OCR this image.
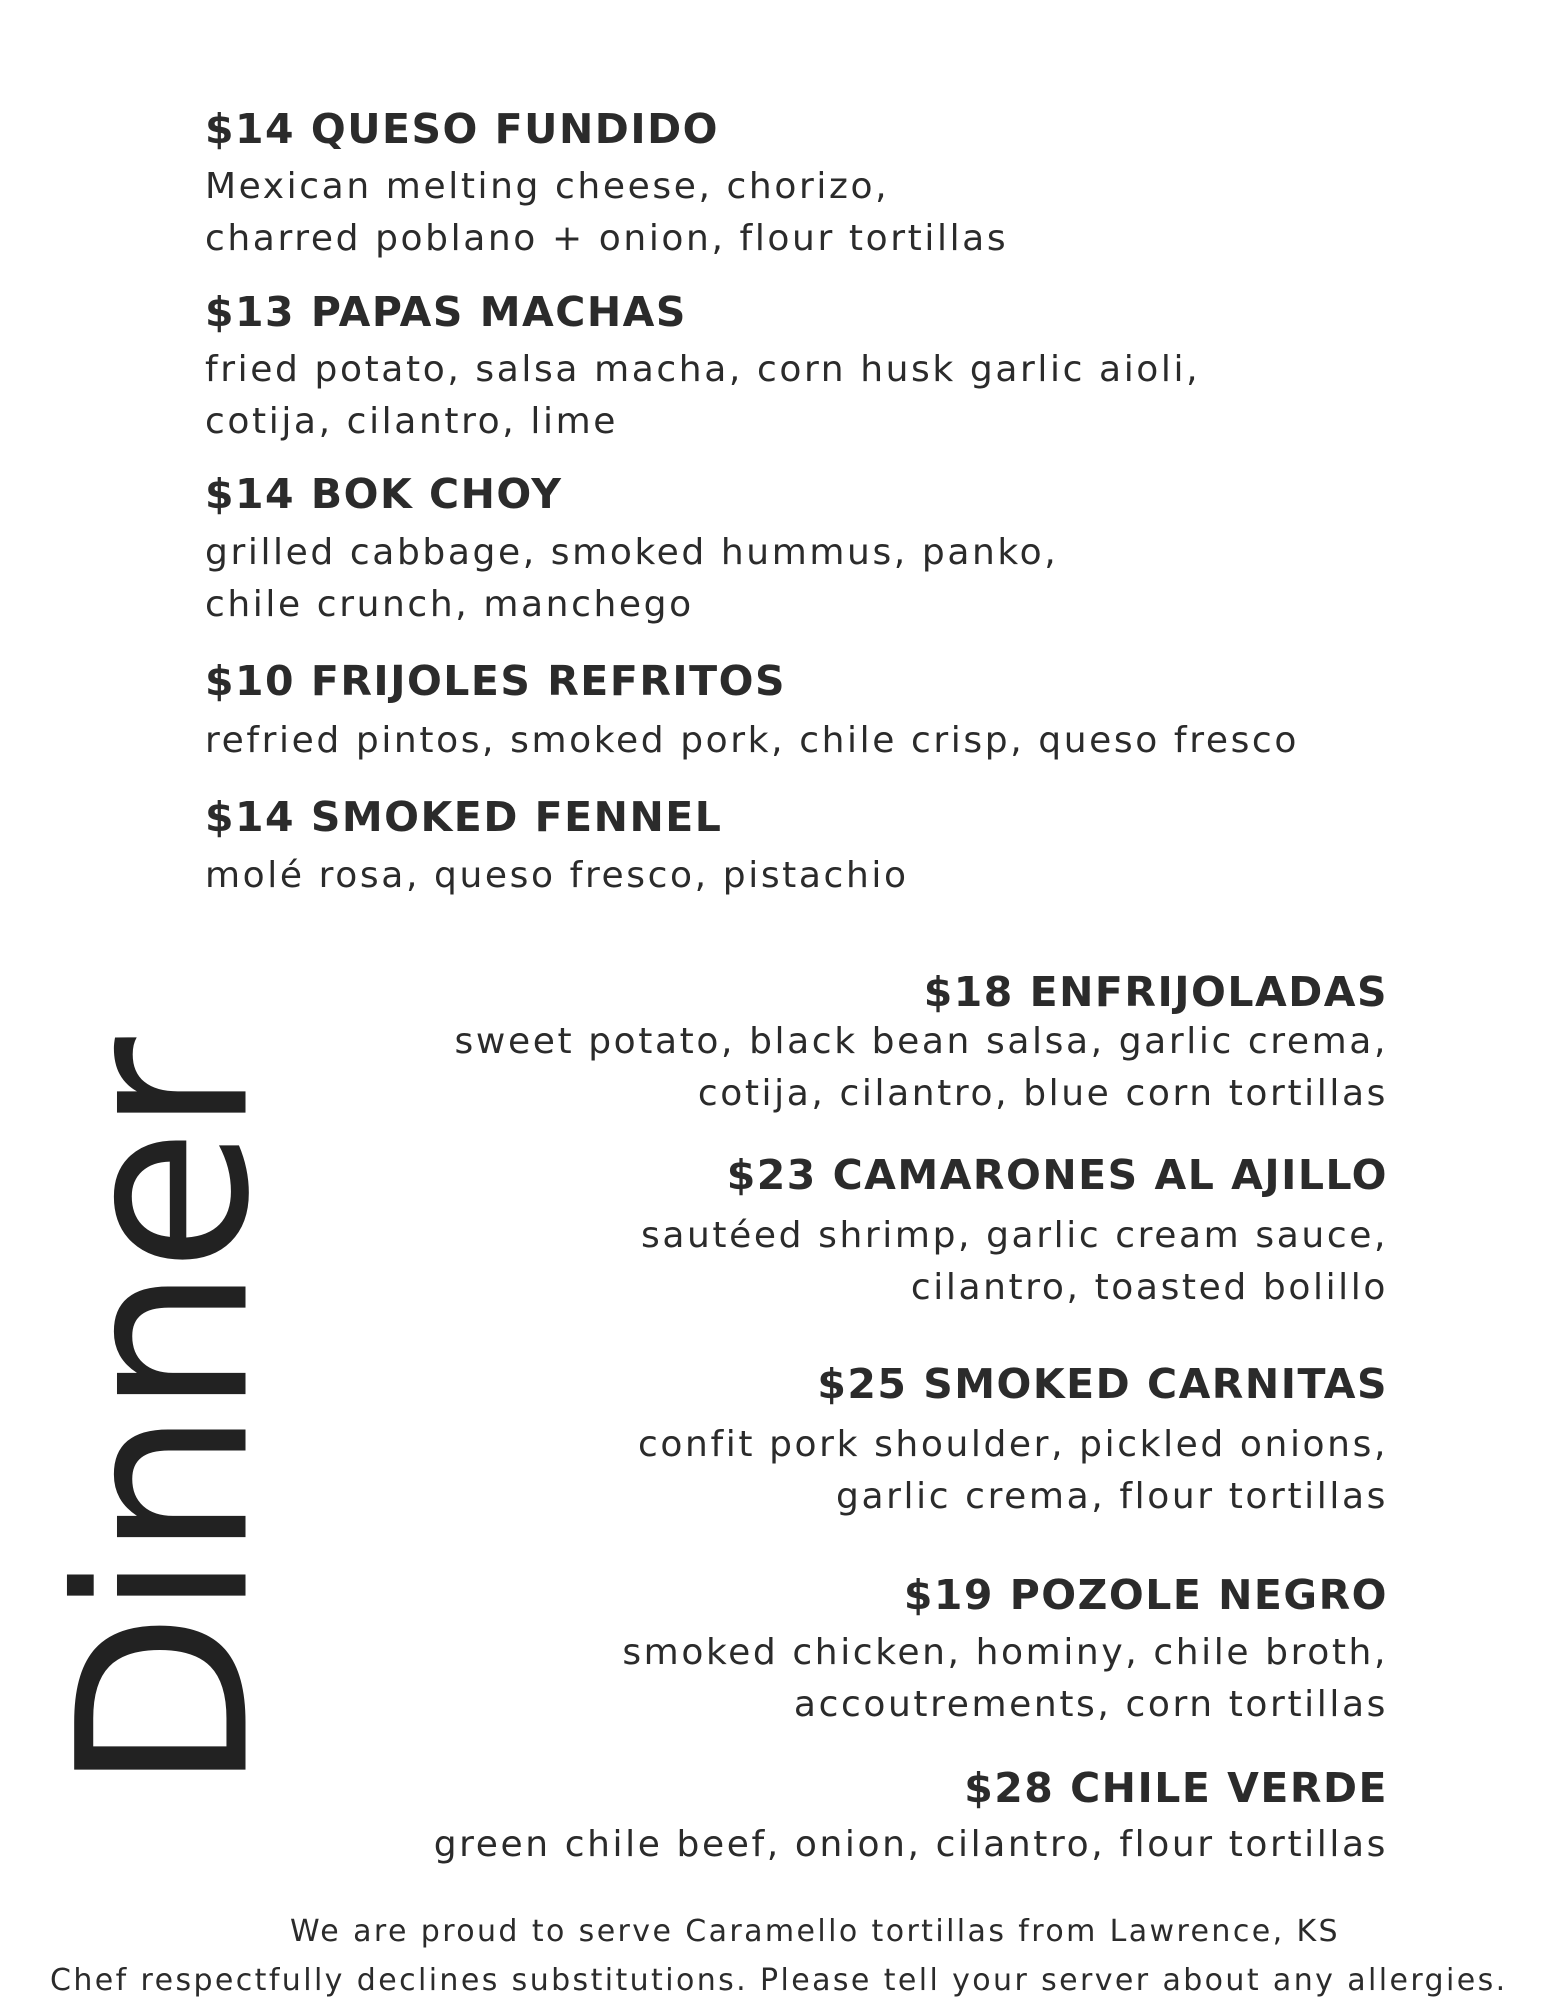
$14 QUESO FUNDIDO

Mexican melting cheese, chorizo,
charred poblano + onion, flour tortillas

$13 PAPAS MACHAS

fried potato, salsa macha, corn husk garlic aioli,
cotija, cilantro, lime

$14 BOK CHOY

grilled cabbage, smoked hummus, panko,
chile crunch, manchego

$10 FRIJOLES REFRITOS

refried pintos, smoked pork, chile crisp, queso fresco

$14 SMOKED FENNEL

molé rosa, queso fresco, pistachio

Dinner
$18 ENFRIJOLADAS

sweet potato, black bean salsa, garlic crema,
cotija, cilantro, blue corn tortillas

$23 CAMARONES AL AJILLO

sautéed shrimp, garlic cream sauce,
cilantro, toasted bolillo

$25 SMOKED CARNITAS

confit pork shoulder, pickled onions,
garlic crema, flour tortillas

$19 POZOLE NEGRO

smoked chicken, hominy, chile broth,
accoutrements, corn tortillas

$28 CHILE VERDE

green chile beef, onion, cilantro, flour tortillas

We are proud to serve Caramello tortillas from Lawrence, KS

Chef respectfully declines substitutions. Please tell your server about any allergies.
